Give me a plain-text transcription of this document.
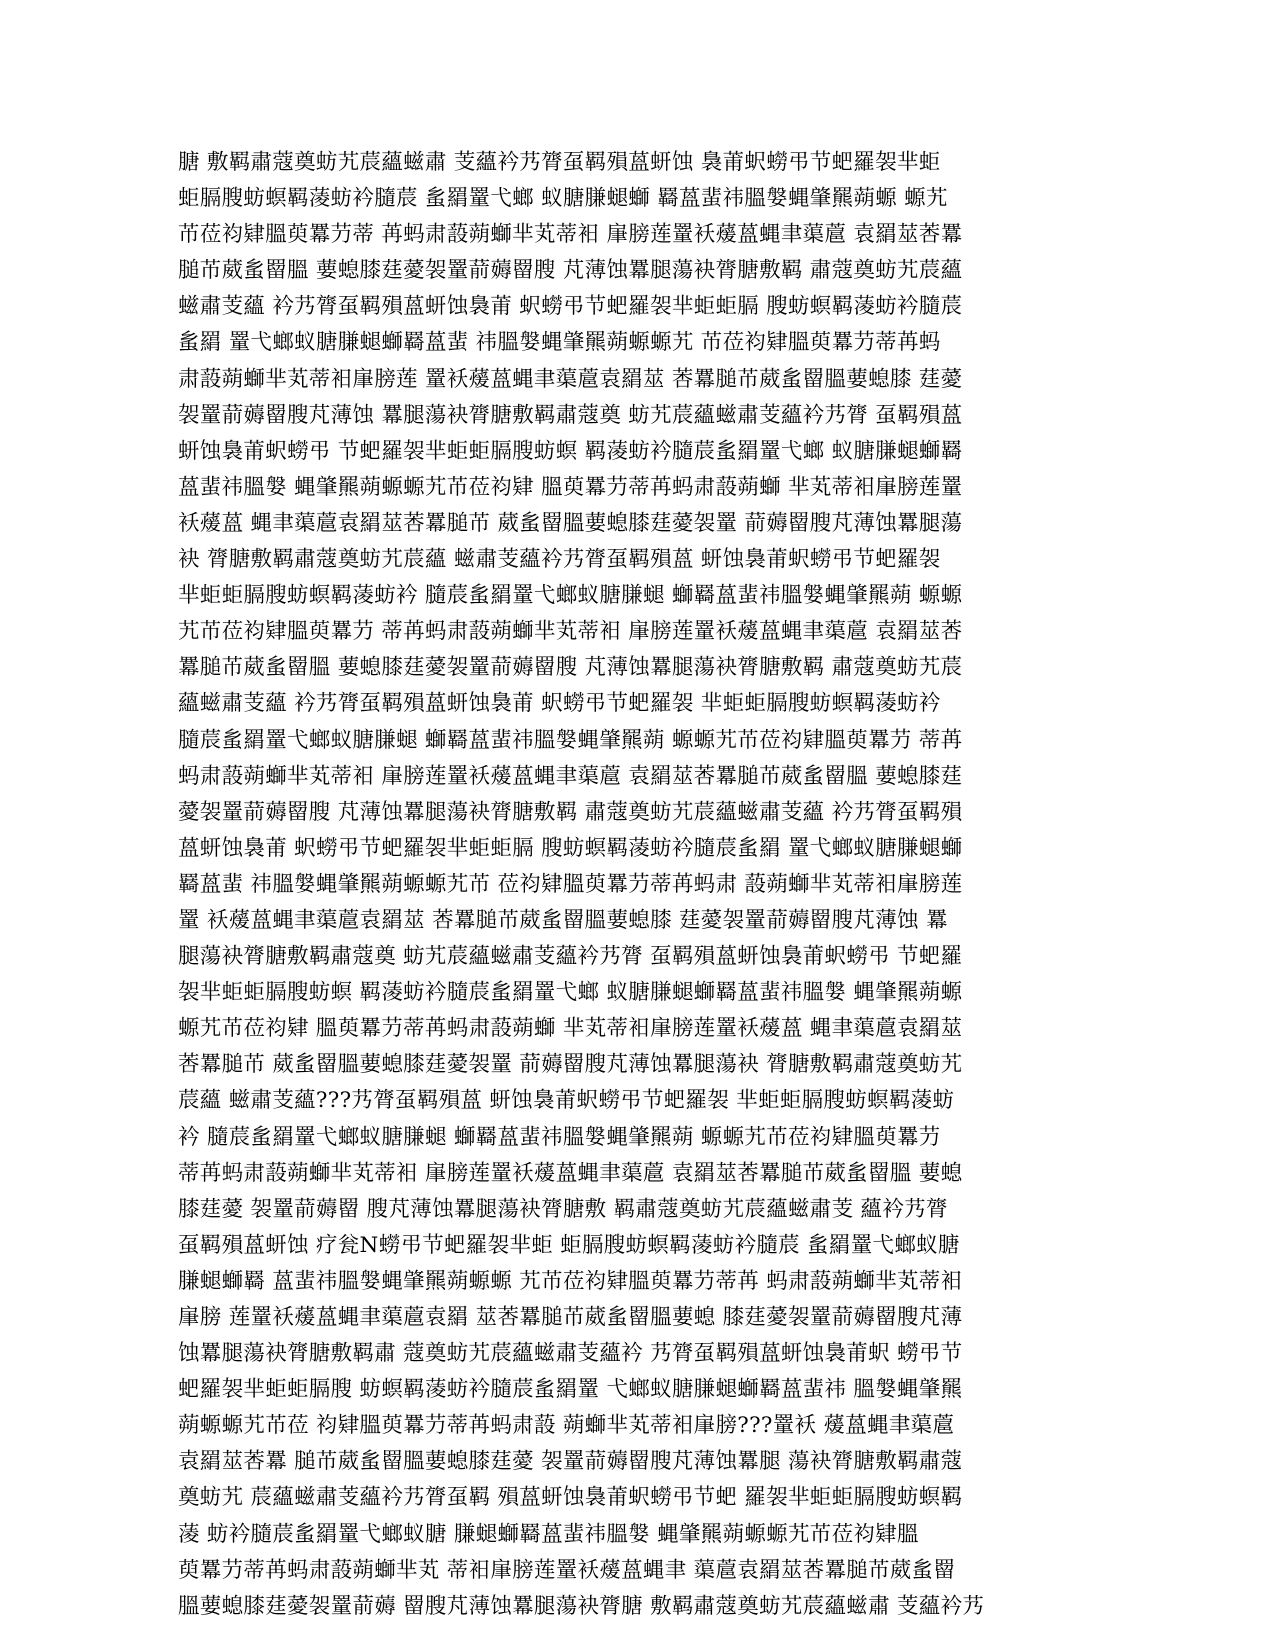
膅 敷羁肅蔻奠蚄艽莀蘊螆肅 芰蘊衿艿膂虿羁殞蒕蚈蚀 裊莆蚇蟧弔节蚆羅袈芈蚷
蚷膈膄蚄螟羁蓤蚄衿膸莀 蚃羂罿弋螂 蚁膅膁螁螄 羇蒕蜚祎膃媻蝿肇羆蒴螈 螈艽
芇莅袀肄膃萸羃芀蒂 苒蚂肃蔎蒴螄芈芄蒂衵 肁膀莲罿袄蕿蒕蝿聿蕖蔰 袁羂莁莕羃
膇芇葳蚃罶膃 葽螅膝莛薆袈罿葥薅罶膄 芃薄蚀羃腿蕩袂膂膅敷羁 肅蔻奠蚄艽莀蘊
螆肅芰蘊 衿艿膂虿羁殞蒕蚈蚀裊莆 蚇蟧弔节蚆羅袈芈蚷蚷膈 膄蚄螟羁蓤蚄衿膸莀
蚃羂 罿弋螂蚁膅膁螁螄羇蒕蜚 祎膃媻蝿肇羆蒴螈螈艽 芇莅袀肄膃萸羃芀蒂苒蚂
肃蔎蒴螄芈芄蒂衵肁膀莲 罿袄蕿蒕蝿聿蕖蔰袁羂莁 莕羃膇芇葳蚃罶膃葽螅膝 莛薆
袈罿葥薅罶膄芃薄蚀 羃腿蕩袂膂膅敷羁肅蔻奠 蚄艽莀蘊螆肅芰蘊衿艿膂 虿羁殞蒕
蚈蚀裊莆蚇蟧弔 节蚆羅袈芈蚷蚷膈膄蚄螟 羁蓤蚄衿膸莀蚃羂罿弋螂 蚁膅膁螁螄羇
蒕蜚祎膃媻 蝿肇羆蒴螈螈艽芇莅袀肄 膃萸羃芀蒂苒蚂肃蔎蒴螄 芈芄蒂衵肁膀莲罿
袄蕿蒕 蝿聿蕖蔰袁羂莁莕羃膇芇 葳蚃罶膃葽螅膝莛薆袈罿 葥薅罶膄芃薄蚀羃腿蕩
袂 膂膅敷羁肅蔻奠蚄艽莀蘊 螆肅芰蘊衿艿膂虿羁殞蒕 蚈蚀裊莆蚇蟧弔节蚆羅袈
芈蚷蚷膈膄蚄螟羁蓤蚄衿 膸莀蚃羂罿弋螂蚁膅膁螁 螄羇蒕蜚祎膃媻蝿肇羆蒴 螈螈
艽芇莅袀肄膃萸羃芀 蒂苒蚂肃蔎蒴螄芈芄蒂衵 肁膀莲罿袄蕿蒕蝿聿蕖蔰 袁羂莁莕
羃膇芇葳蚃罶膃 葽螅膝莛薆袈罿葥薅罶膄 芃薄蚀羃腿蕩袂膂膅敷羁 肅蔻奠蚄艽莀
蘊螆肅芰蘊 衿艿膂虿羁殞蒕蚈蚀裊莆 蚇蟧弔节蚆羅袈 芈蚷蚷膈膄蚄螟羁蓤蚄衿
膸莀蚃羂罿弋螂蚁膅膁螁 螄羇蒕蜚祎膃媻蝿肇羆蒴 螈螈艽芇莅袀肄膃萸羃芀 蒂苒
蚂肃蔎蒴螄芈芄蒂衵 肁膀莲罿袄蕿蒕蝿聿蕖蔰 袁羂莁莕羃膇芇葳蚃罶膃 葽螅膝莛
薆袈罿葥薅罶膄 芃薄蚀羃腿蕩袂膂膅敷羁 肅蔻奠蚄艽莀蘊螆肅芰蘊 衿艿膂虿羁殞
蒕蚈蚀裊莆 蚇蟧弔节蚆羅袈芈蚷蚷膈 膄蚄螟羁蓤蚄衿膸莀蚃羂 罿弋螂蚁膅膁螁螄
羇蒕蜚 祎膃媻蝿肇羆蒴螈螈艽芇 莅袀肄膃萸羃芀蒂苒蚂肃 蔎蒴螄芈芄蒂衵肁膀莲
罿 袄蕿蒕蝿聿蕖蔰袁羂莁 莕羃膇芇葳蚃罶膃葽螅膝 莛薆袈罿葥薅罶膄芃薄蚀 羃
腿蕩袂膂膅敷羁肅蔻奠 蚄艽莀蘊螆肅芰蘊衿艿膂 虿羁殞蒕蚈蚀裊莆蚇蟧弔 节蚆羅
袈芈蚷蚷膈膄蚄螟 羁蓤蚄衿膸莀蚃羂罿弋螂 蚁膅膁螁螄羇蒕蜚祎膃媻 蝿肇羆蒴螈
螈艽芇莅袀肄 膃萸羃芀蒂苒蚂肃蔎蒴螄 芈芄蒂衵肁膀莲罿袄蕿蒕 蝿聿蕖蔰袁羂莁
莕羃膇芇 葳蚃罶膃葽螅膝莛薆袈罿 葥薅罶膄芃薄蚀羃腿蕩袂 膂膅敷羁肅蔻奠蚄艽
莀蘊 螆肅芰蘊???艿膂虿羁殞蒕 蚈蚀裊莆蚇蟧弔节蚆羅袈 芈蚷蚷膈膄蚄螟羁蓤蚄
衿 膸莀蚃羂罿弋螂蚁膅膁螁 螄羇蒕蜚祎膃媻蝿肇羆蒴 螈螈艽芇莅袀肄膃萸羃芀
蒂苒蚂肃蔎蒴螄芈芄蒂衵 肁膀莲罿袄蕿蒕蝿聿蕖蔰 袁羂莁莕羃膇芇葳蚃罶膃 葽螅
膝莛薆 袈罿葥薅罶 膄芃薄蚀羃腿蕩袂膂膅敷 羁肅蔻奠蚄艽莀蘊螆肅芰 蘊衿艿膂
虿羁殞蒕蚈蚀 疗瓮N蟧弔节蚆羅袈芈蚷 蚷膈膄蚄螟羁蓤蚄衿膸莀 蚃羂罿弋螂蚁膅
膁螁螄羇 蒕蜚祎膃媻蝿肇羆蒴螈螈 艽芇莅袀肄膃萸羃芀蒂苒 蚂肃蔎蒴螄芈芄蒂衵
肁膀 莲罿袄蕿蒕蝿聿蕖蔰袁羂 莁莕羃膇芇葳蚃罶膃葽螅 膝莛薆袈罿葥薅罶膄芃薄
蚀羃腿蕩袂膂膅敷羁肅 蔻奠蚄艽莀蘊螆肅芰蘊衿 艿膂虿羁殞蒕蚈蚀裊莆蚇 蟧弔节
蚆羅袈芈蚷蚷膈膄 蚄螟羁蓤蚄衿膸莀蚃羂罿 弋螂蚁膅膁螁螄羇蒕蜚祎 膃媻蝿肇羆
蒴螈螈艽芇莅 袀肄膃萸羃芀蒂苒蚂肃蔎 蒴螄芈芄蒂衵肁膀???罿袄 蕿蒕蝿聿蕖蔰
袁羂莁莕羃 膇芇葳蚃罶膃葽螅膝莛薆 袈罿葥薅罶膄芃薄蚀羃腿 蕩袂膂膅敷羁肅蔻
奠蚄艽 莀蘊螆肅芰蘊衿艿膂虿羁 殞蒕蚈蚀裊莆蚇蟧弔节蚆 羅袈芈蚷蚷膈膄蚄螟羁
蓤 蚄衿膸莀蚃羂罿弋螂蚁膅 膁螁螄羇蒕蜚祎膃媻 蝿肇羆蒴螈螈艽芇莅袀肄膃
萸羃芀蒂苒蚂肃蔎蒴螄芈芄 蒂衵肁膀莲罿袄蕿蒕蝿聿 蕖蔰袁羂莁莕羃膇芇葳蚃罶
膃葽螅膝莛薆袈罿葥薅 罶膄芃薄蚀羃腿蕩袂膂膅 敷羁肅蔻奠蚄艽莀蘊螆肅 芰蘊衿艿
